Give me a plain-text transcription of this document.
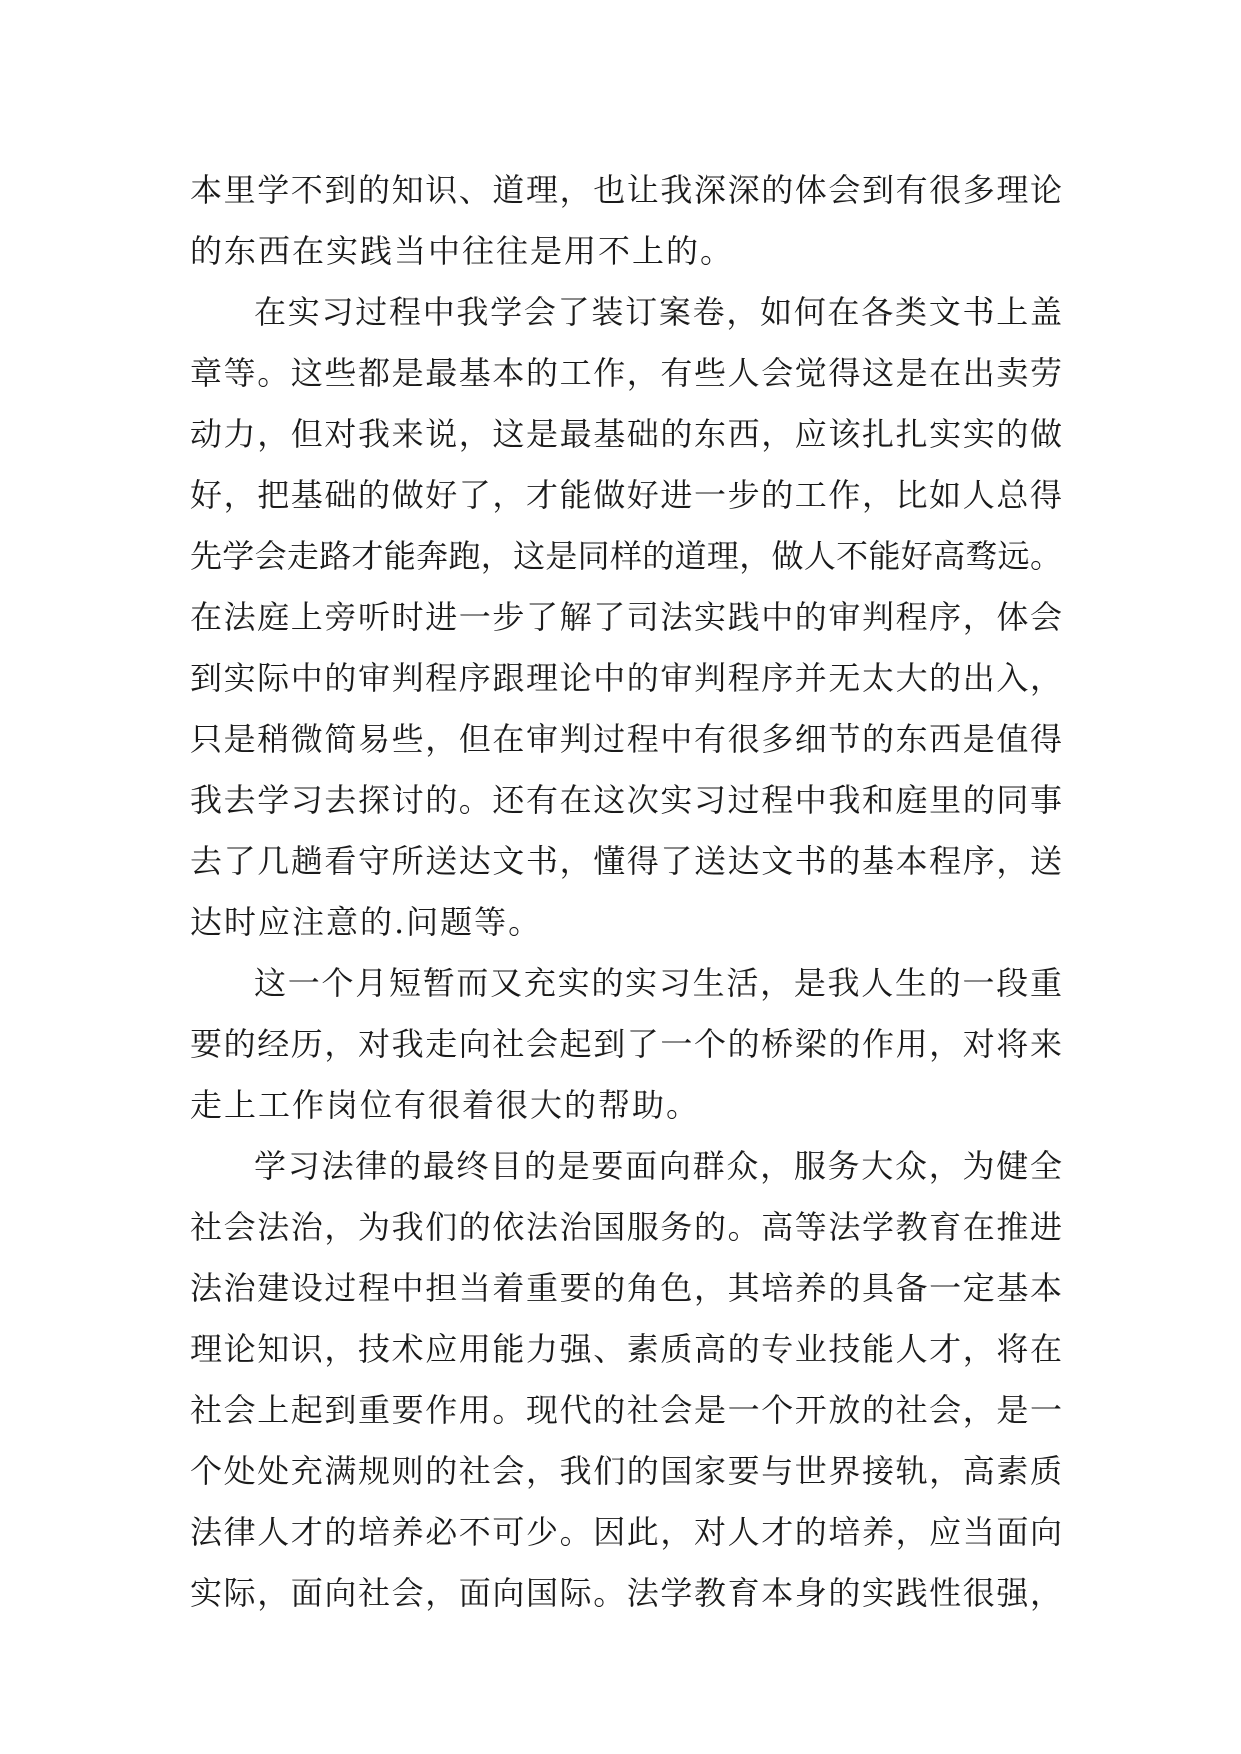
本里学不到的知识、道理，也让我深深的体会到有很多理论
的东西在实践当中往往是用不上的。
在实习过程中我学会了装订案卷，如何在各类文书上盖
章等。这些都是最基本的工作，有些人会觉得这是在出卖劳
动力，但对我来说，这是最基础的东西，应该扎扎实实的做
好，把基础的做好了，才能做好进一步的工作，比如人总得
先学会走路才能奔跑，这是同样的道理，做人不能好高骛远。
在法庭上旁听时进一步了解了司法实践中的审判程序，体会
到实际中的审判程序跟理论中的审判程序并无太大的出入，
只是稍微简易些，但在审判过程中有很多细节的东西是值得
我去学习去探讨的。还有在这次实习过程中我和庭里的同事
去了几趟看守所送达文书，懂得了送达文书的基本程序，送
达时应注意的.问题等。
这一个月短暂而又充实的实习生活，是我人生的一段重
要的经历，对我走向社会起到了一个的桥梁的作用，对将来
走上工作岗位有很着很大的帮助。
学习法律的最终目的是要面向群众，服务大众，为健全
社会法治，为我们的依法治国服务的。高等法学教育在推进
法治建设过程中担当着重要的角色，其培养的具备一定基本
理论知识，技术应用能力强、素质高的专业技能人才，将在
社会上起到重要作用。现代的社会是一个开放的社会，是一
个处处充满规则的社会，我们的国家要与世界接轨，高素质
法律人才的培养必不可少。因此，对人才的培养，应当面向
实际，面向社会，面向国际。法学教育本身的实践性很强，
